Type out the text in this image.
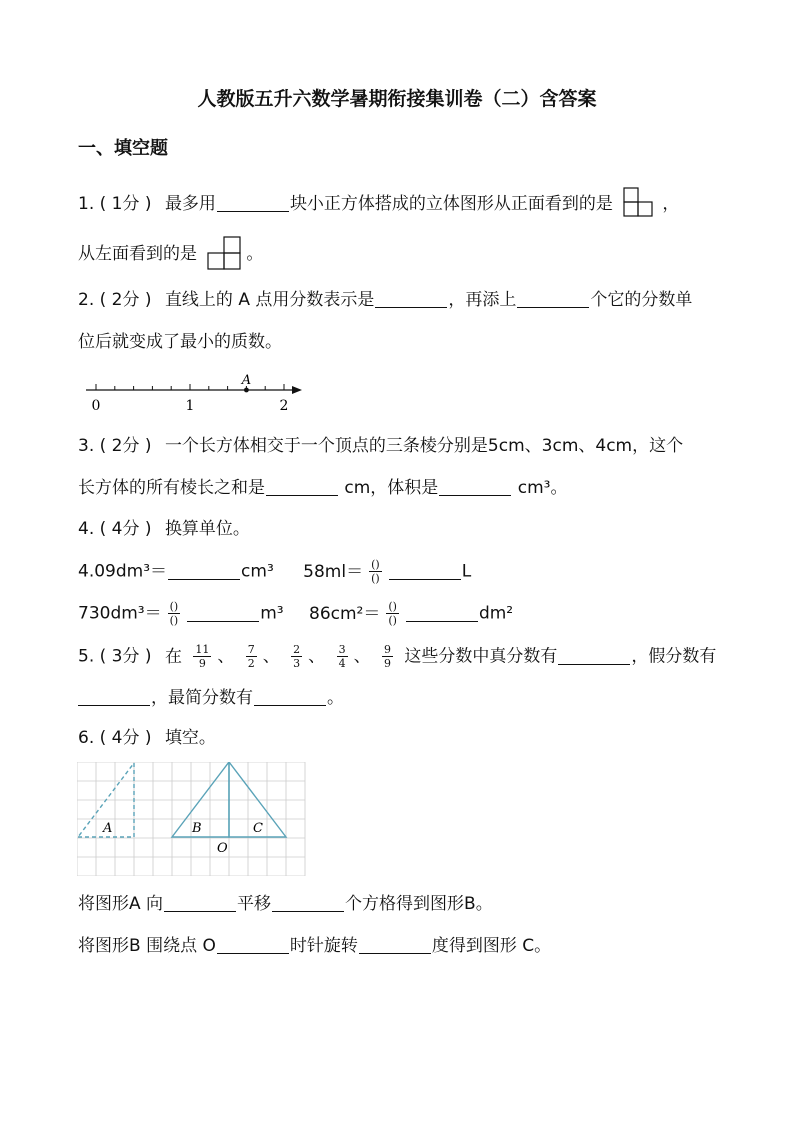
人教版五升六数学暑期衔接集训卷（二）含答案
一、填空题
1. ( 1分 ) 最多用	块小正方体搭成的立体图形从正面看到的是	，
从左面看到的是	。
2. ( 2分 ) 直线上的 A 点用分数表示是	，再添上	个它的分数单
位后就变成了最小的质数。
A
0	1	2
3. ( 2分 ) 一个长方体相交于一个顶点的三条棱分别是5cm、3cm、4cm，这个
长方体的所有棱长之和是	cm，体积是	cm³。
4. ( 4分 ) 换算单位。
4.09dm³＝	cm³ $58ml= \frac{()}{()}$	L
$730dm^3= \frac{()}{()}$	m³ $86cm^2= \frac{()}{()}$	dm²
5. ( 3分 ) 在 $\frac{11}{9}$ 、 $\frac{7}{2}$ 、 $\frac{2}{3}$ 、 $\frac{3}{4}$ 、 $\frac{9}{9}$ 这些分数中真分数有	，假分数有
，最简分数有	。
6. ( 4分 ) 填空。
A	B	C
O
将图形A 向	平移	个方格得到图形B。
将图形B 围绕点 O	时针旋转	度得到图形 C。
